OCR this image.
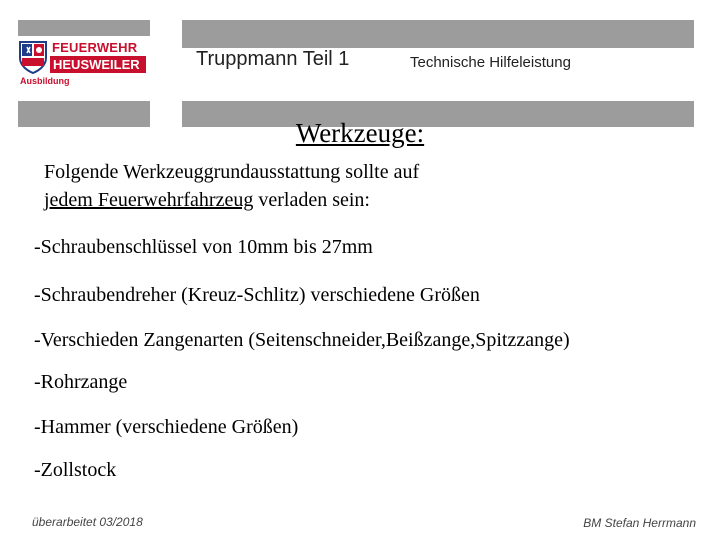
FEUERWEHR
HEUSWEILER
Ausbildung
Truppmann Teil 1	Technische Hilfeleistung
Werkzeuge:
Folgende Werkzeuggrundausstattung sollte auf
jedem Feuerwehrfahrzeug verladen sein:
-Schraubenschlüssel von 10mm bis 27mm
-Schraubendreher (Kreuz-Schlitz) verschiedene Größen
-Verschieden Zangenarten (Seitenschneider,Beißzange,Spitzzange)
-Rohrzange
-Hammer (verschiedene Größen)
-Zollstock
überarbeitet 03/2018	BM Stefan Herrmann
